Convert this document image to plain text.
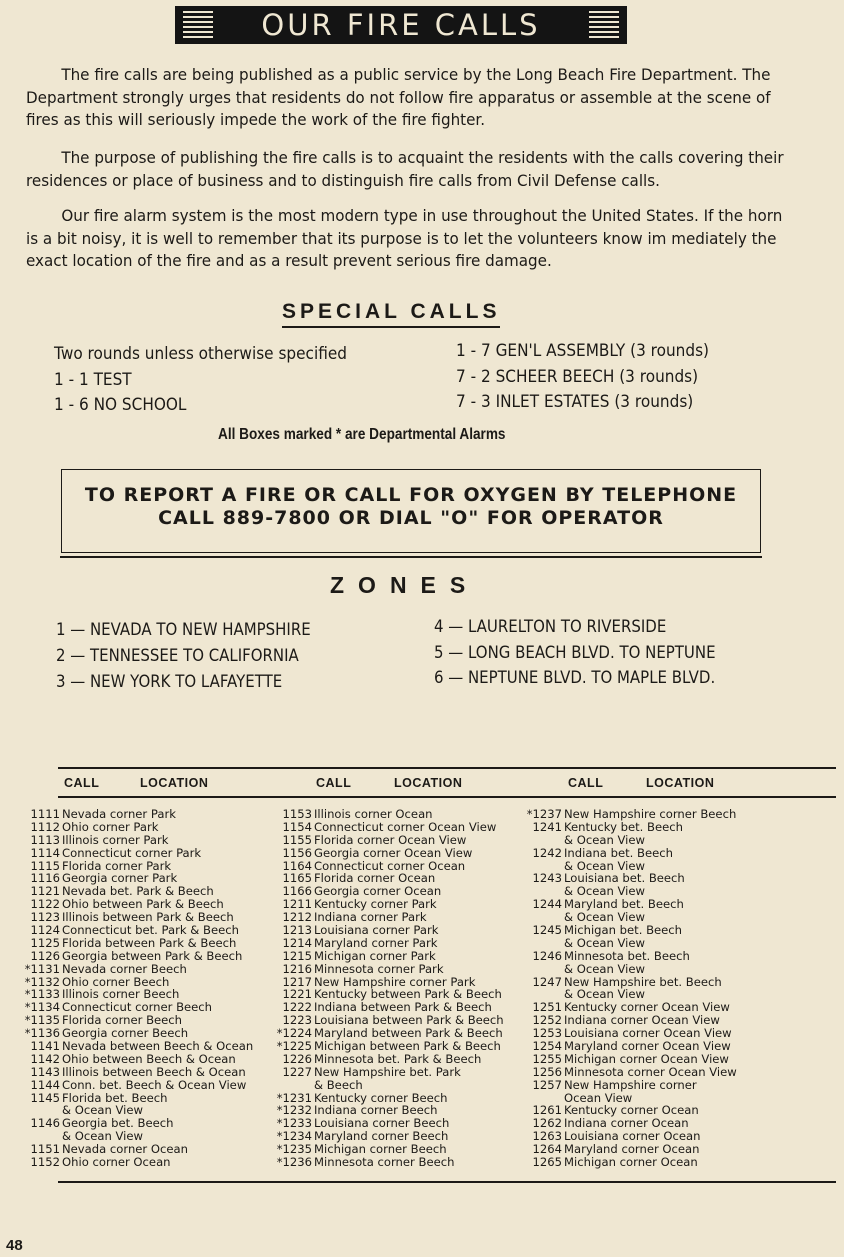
OUR FIRE CALLS

The fire calls are being published as a public service by the Long Beach Fire Department. The Department strongly urges that residents do not follow fire apparatus or assemble at the scene of fires as this will seriously impede the work of the fire fighter.

The purpose of publishing the fire calls is to acquaint the residents with the calls covering their residences or place of business and to distinguish fire calls from Civil Defense calls.

Our fire alarm system is the most modern type in use throughout the United States. If the horn is a bit noisy, it is well to remember that its purpose is to let the volunteers know im mediately the exact location of the fire and as a result prevent serious fire damage.

SPECIAL CALLS
Two rounds unless otherwise specified
1 - 1 TEST
1 - 6 NO SCHOOL
1 - 7 GEN'L ASSEMBLY (3 rounds)
7 - 2 SCHEER BEECH (3 rounds)
7 - 3 INLET ESTATES (3 rounds)
All Boxes marked * are Departmental Alarms
TO REPORT A FIRE OR CALL FOR OXYGEN BY TELEPHONE
CALL 889-7800 OR DIAL "O" FOR OPERATOR
ZONES
1 — NEVADA TO NEW HAMPSHIRE
2 — TENNESSEE TO CALIFORNIA
3 — NEW YORK TO LAFAYETTE
4 — LAURELTON TO RIVERSIDE
5 — LONG BEACH BLVD. TO NEPTUNE
6 — NEPTUNE BLVD. TO MAPLE BLVD.
CALL	LOCATION	CALL	LOCATION	CALL	LOCATION
1111 Nevada corner Park
1112 Ohio corner Park
1113 Illinois corner Park
1114 Connecticut corner Park
1115 Florida corner Park
1116 Georgia corner Park
1121 Nevada bet. Park & Beech
1122 Ohio between Park & Beech
1123 Illinois between Park & Beech
1124 Connecticut bet. Park & Beech
1125 Florida between Park & Beech
1126 Georgia between Park & Beech
*1131 Nevada corner Beech
*1132 Ohio corner Beech
*1133 Illinois corner Beech
*1134 Connecticut corner Beech
*1135 Florida corner Beech
*1136 Georgia corner Beech
1141 Nevada between Beech & Ocean
1142 Ohio between Beech & Ocean
1143 Illinois between Beech & Ocean
1144 Conn. bet. Beech & Ocean View
1145 Florida bet. Beech
& Ocean View
1146 Georgia bet. Beech
& Ocean View
1151 Nevada corner Ocean
1152 Ohio corner Ocean
1153 Illinois corner Ocean
1154 Connecticut corner Ocean View
1155 Florida corner Ocean View
1156 Georgia corner Ocean View
1164 Connecticut corner Ocean
1165 Florida corner Ocean
1166 Georgia corner Ocean
1211 Kentucky corner Park
1212 Indiana corner Park
1213 Louisiana corner Park
1214 Maryland corner Park
1215 Michigan corner Park
1216 Minnesota corner Park
1217 New Hampshire corner Park
1221 Kentucky between Park & Beech
1222 Indiana between Park & Beech
1223 Louisiana between Park & Beech
*1224 Maryland between Park & Beech
*1225 Michigan between Park & Beech
1226 Minnesota bet. Park & Beech
1227 New Hampshire bet. Park
& Beech
*1231 Kentucky corner Beech
*1232 Indiana corner Beech
*1233 Louisiana corner Beech
*1234 Maryland corner Beech
*1235 Michigan corner Beech
*1236 Minnesota corner Beech
*1237 New Hampshire corner Beech
1241 Kentucky bet. Beech
& Ocean View
1242 Indiana bet. Beech
& Ocean View
1243 Louisiana bet. Beech
& Ocean View
1244 Maryland bet. Beech
& Ocean View
1245 Michigan bet. Beech
& Ocean View
1246 Minnesota bet. Beech
& Ocean View
1247 New Hampshire bet. Beech
& Ocean View
1251 Kentucky corner Ocean View
1252 Indiana corner Ocean View
1253 Louisiana corner Ocean View
1254 Maryland corner Ocean View
1255 Michigan corner Ocean View
1256 Minnesota corner Ocean View
1257 New Hampshire corner
Ocean View
1261 Kentucky corner Ocean
1262 Indiana corner Ocean
1263 Louisiana corner Ocean
1264 Maryland corner Ocean
1265 Michigan corner Ocean
48
